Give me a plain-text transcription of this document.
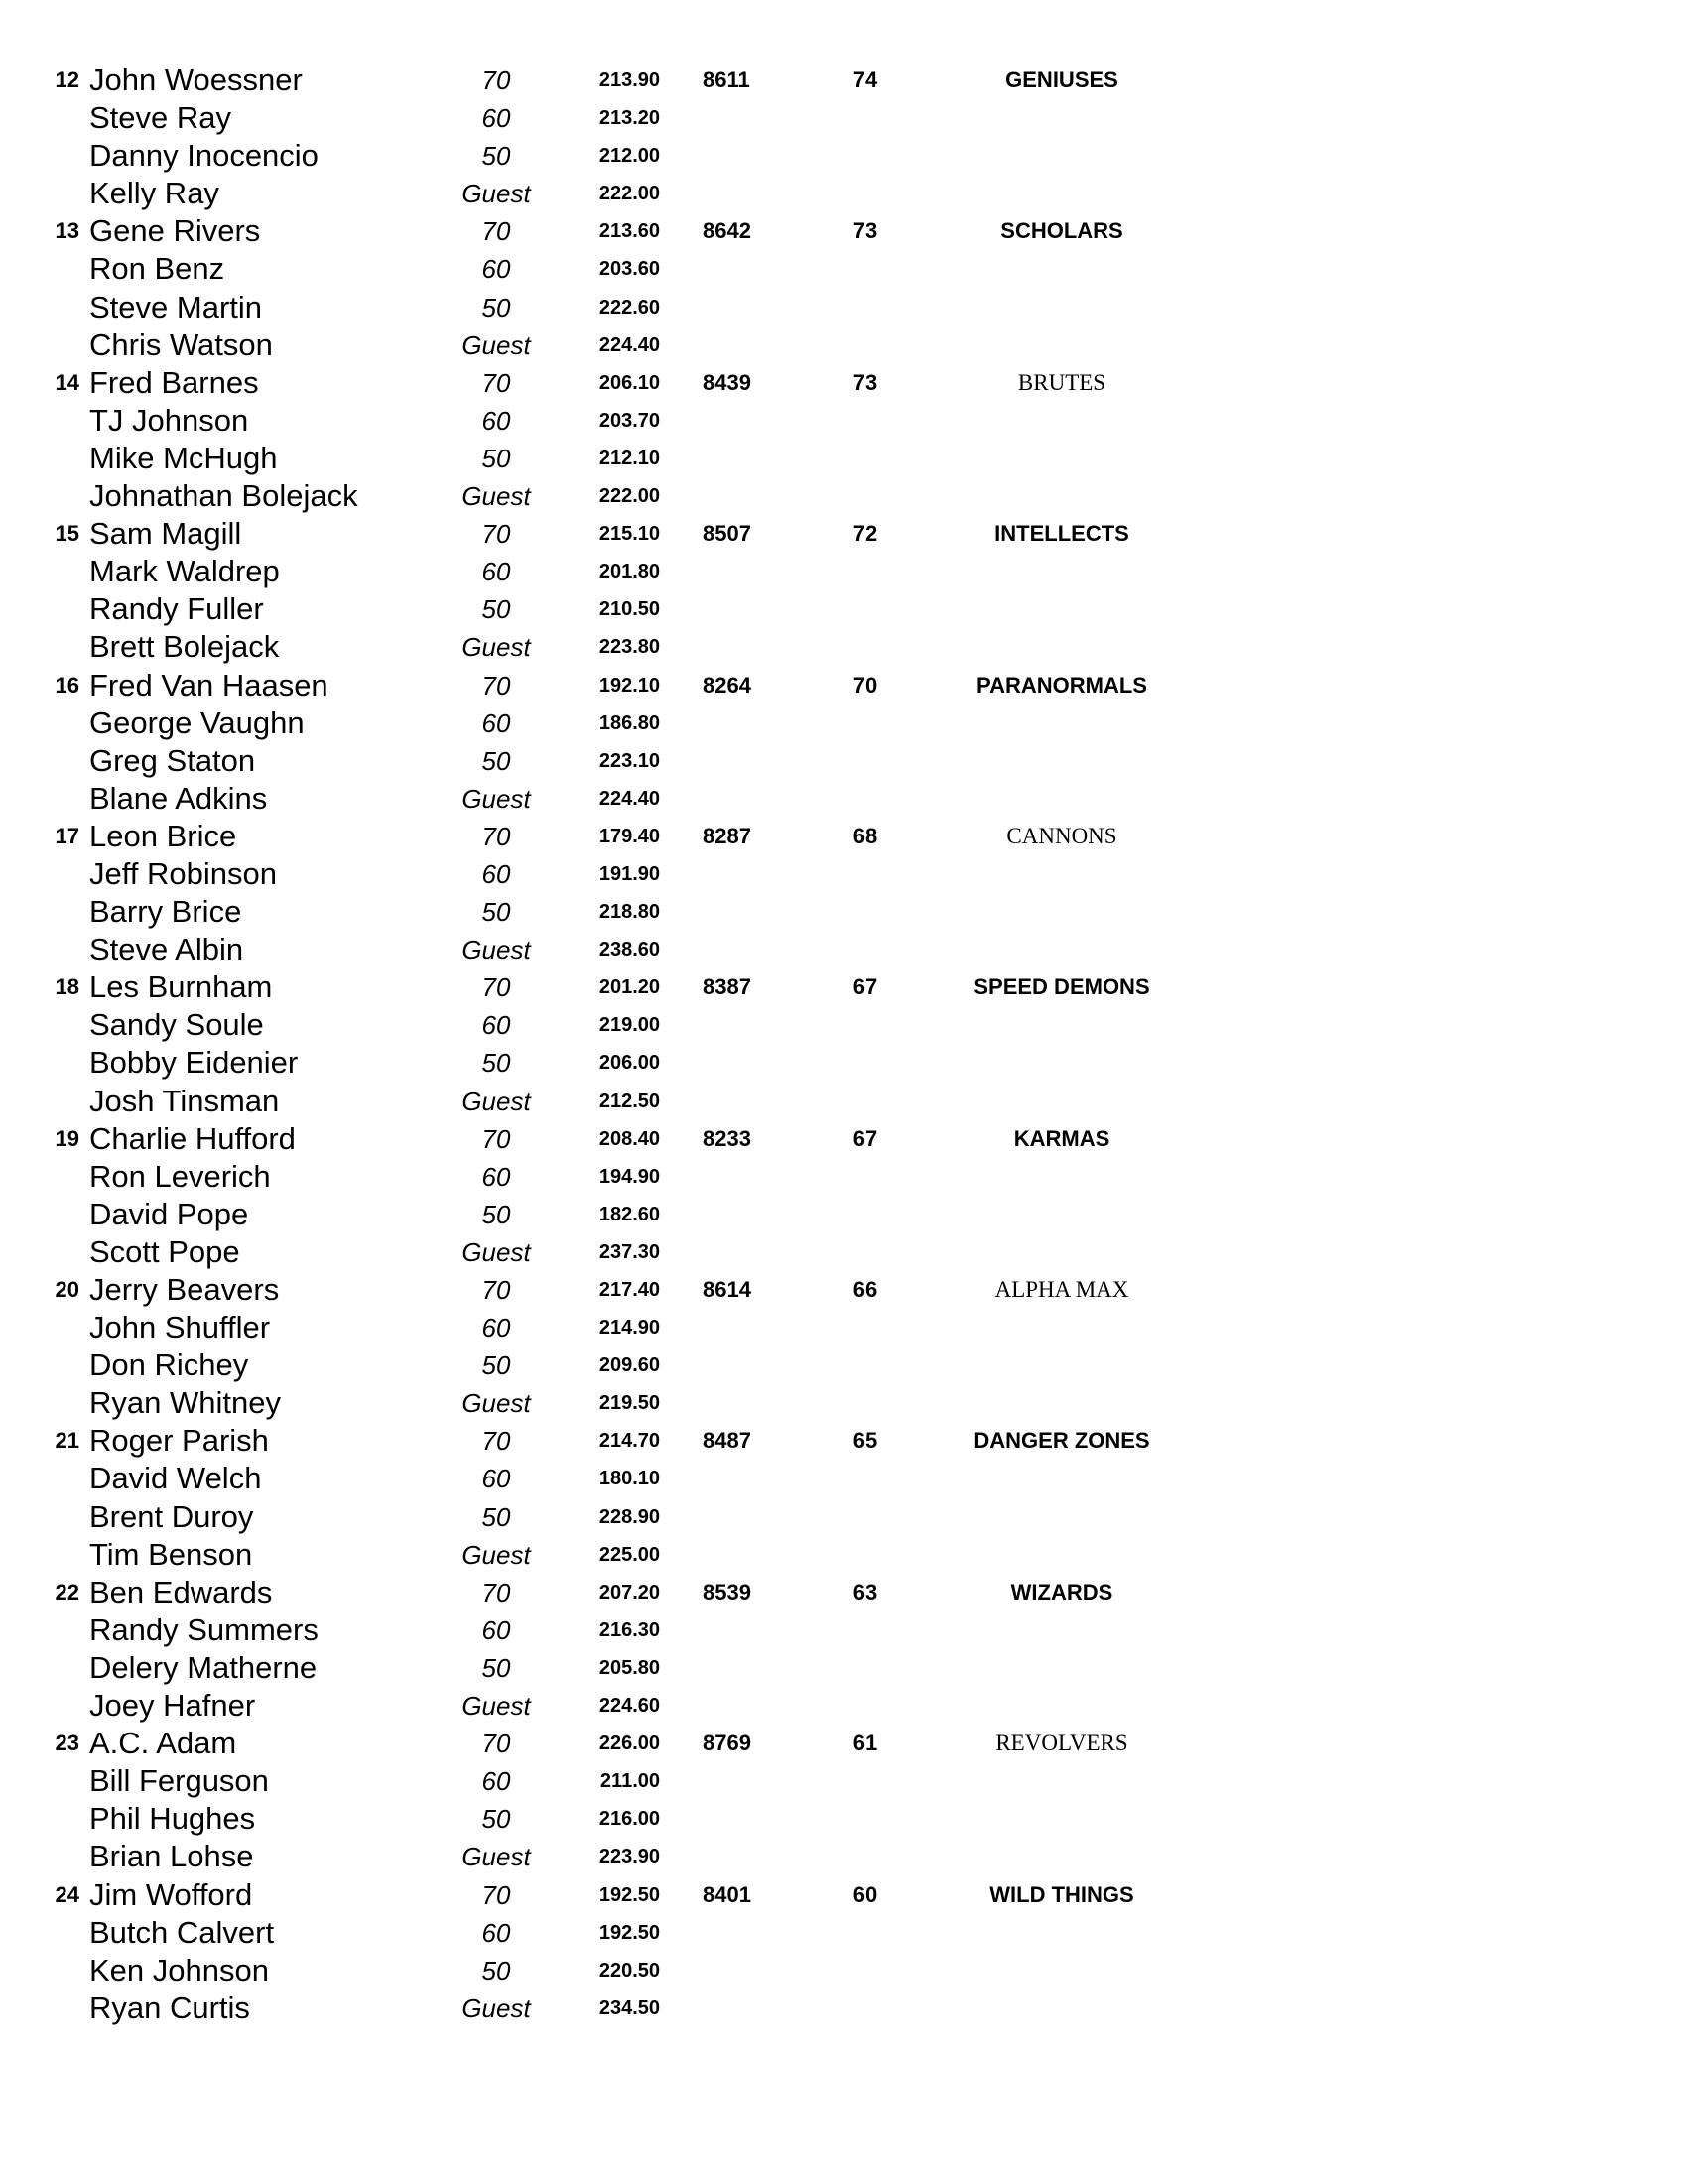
12 John Woessner	70	213.90 8611	74	GENIUSES
Steve Ray	60	213.20
Danny Inocencio	50	212.00
Kelly Ray	Guest	222.00
13 Gene Rivers	70	213.60 8642	73	SCHOLARS
Ron Benz	60	203.60
Steve Martin	50	222.60
Chris Watson	Guest	224.40
14 Fred Barnes	70	206.10 8439	73	BRUTES
TJ Johnson	60	203.70
Mike McHugh	50	212.10
Johnathan Bolejack	Guest	222.00
15 Sam Magill	70	215.10 8507	72	INTELLECTS
Mark Waldrep	60	201.80
Randy Fuller	50	210.50
Brett Bolejack	Guest	223.80
16 Fred Van Haasen	70	192.10 8264	70	PARANORMALS
George Vaughn	60	186.80
Greg Staton	50	223.10
Blane Adkins	Guest	224.40
17 Leon Brice	70	179.40 8287	68	CANNONS
Jeff Robinson	60	191.90
Barry Brice	50	218.80
Steve Albin	Guest	238.60
18 Les Burnham	70	201.20 8387	67	SPEED DEMONS
Sandy Soule	60	219.00
Bobby Eidenier	50	206.00
Josh Tinsman	Guest	212.50
19 Charlie Hufford	70	208.40 8233	67	KARMAS
Ron Leverich	60	194.90
David Pope	50	182.60
Scott Pope	Guest	237.30
20 Jerry Beavers	70	217.40 8614	66	ALPHA MAX
John Shuffler	60	214.90
Don Richey	50	209.60
Ryan Whitney	Guest	219.50
21 Roger Parish	70	214.70 8487	65	DANGER ZONES
David Welch	60	180.10
Brent Duroy	50	228.90
Tim Benson	Guest	225.00
22 Ben Edwards	70	207.20 8539	63	WIZARDS
Randy Summers	60	216.30
Delery Matherne	50	205.80
Joey Hafner	Guest	224.60
23 A.C. Adam	70	226.00 8769	61	REVOLVERS
Bill Ferguson	60	211.00
Phil Hughes	50	216.00
Brian Lohse	Guest	223.90
24 Jim Wofford	70	192.50 8401	60	WILD THINGS
Butch Calvert	60	192.50
Ken Johnson	50	220.50
Ryan Curtis	Guest	234.50
